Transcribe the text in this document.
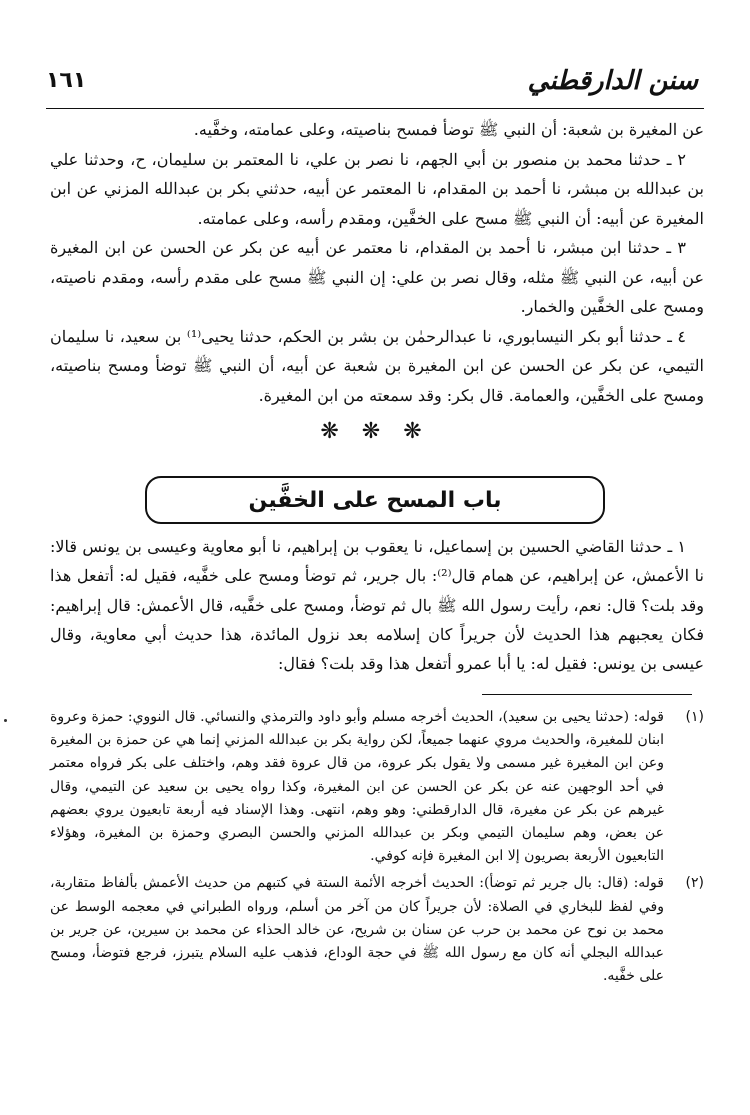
سنن الدارقطني
١٦١

عن المغيرة بن شعبة: أن النبي ﷺ توضأ فمسح بناصيته، وعلى عمامته، وخفَّيه.

٢ ـ حدثنا محمد بن منصور بن أبي الجهم، نا نصر بن علي، نا المعتمر بن سليمان، ح، وحدثنا علي بن عبدالله بن مبشر، نا أحمد بن المقدام، نا المعتمر عن أبيه، حدثني بكر بن عبدالله المزني عن ابن المغيرة عن أبيه: أن النبي ﷺ مسح على الخفَّين، ومقدم رأسه، وعلى عمامته.

٣ ـ حدثنا ابن مبشر، نا أحمد بن المقدام، نا معتمر عن أبيه عن بكر عن الحسن عن ابن المغيرة عن أبيه، عن النبي ﷺ مثله، وقال نصر بن علي: إن النبي ﷺ مسح على مقدم رأسه، ومقدم ناصيته، ومسح على الخفَّين والخمار.

٤ ـ حدثنا أبو بكر النيسابوري، نا عبدالرحمٰن بن بشر بن الحكم، حدثنا يحيى⁽¹⁾ بن سعيد، نا سليمان التيمي، عن بكر عن الحسن عن ابن المغيرة بن شعبة عن أبيه، أن النبي ﷺ توضأ ومسح بناصيته، ومسح على الخفَّين، والعمامة. قال بكر: وقد سمعته من ابن المغيرة.

❋ ❋ ❋
باب المسح على الخفَّين

١ ـ حدثنا القاضي الحسين بن إسماعيل، نا يعقوب بن إبراهيم، نا أبو معاوية وعيسى بن يونس قالا: نا الأعمش، عن إبراهيم، عن همام قال⁽²⁾: بال جرير، ثم توضأ ومسح على خفَّيه، فقيل له: أتفعل هذا وقد بلت؟ قال: نعم، رأيت رسول الله ﷺ بال ثم توضأ، ومسح على خفَّيه، قال الأعمش: قال إبراهيم: فكان يعجبهم هذا الحديث لأن جريراً كان إسلامه بعد نزول المائدة، هذا حديث أبي معاوية، وقال عيسى بن يونس: فقيل له: يا أبا عمرو أتفعل هذا وقد بلت؟ فقال:

(١)
قوله: (حدثنا يحيى بن سعيد)، الحديث أخرجه مسلم وأبو داود والترمذي والنسائي. قال النووي: حمزة وعروة ابنان للمغيرة، والحديث مروي عنهما جميعاً، لكن رواية بكر بن عبدالله المزني إنما هي عن حمزة بن المغيرة وعن ابن المغيرة غير مسمى ولا يقول بكر عروة، من قال عروة فقد وهم، واختلف على بكر فرواه معتمر في أحد الوجهين عنه عن بكر عن الحسن عن ابن المغيرة، وكذا رواه يحيى بن سعيد عن التيمي، وقال غيرهم عن بكر عن مغيرة، قال الدارقطني: وهو وهم، انتهى. وهذا الإسناد فيه أربعة تابعيون يروي بعضهم عن بعض، وهم سليمان التيمي وبكر بن عبدالله المزني والحسن البصري وحمزة بن المغيرة، وهؤلاء التابعيون الأربعة بصريون إلا ابن المغيرة فإنه كوفي.
(٢)
قوله: (قال: بال جرير ثم توضأ): الحديث أخرجه الأئمة الستة في كتبهم من حديث الأعمش بألفاظ متقاربة، وفي لفظ للبخاري في الصلاة: لأن جريراً كان من آخر من أسلم، ورواه الطبراني في معجمه الوسط عن محمد بن نوح عن محمد بن حرب عن سنان بن شريح، عن خالد الحذاء عن محمد بن سيرين، عن جرير بن عبدالله البجلي أنه كان مع رسول الله ﷺ في حجة الوداع، فذهب عليه السلام يتبرز، فرجع فتوضأ، ومسح على خفَّيه.
